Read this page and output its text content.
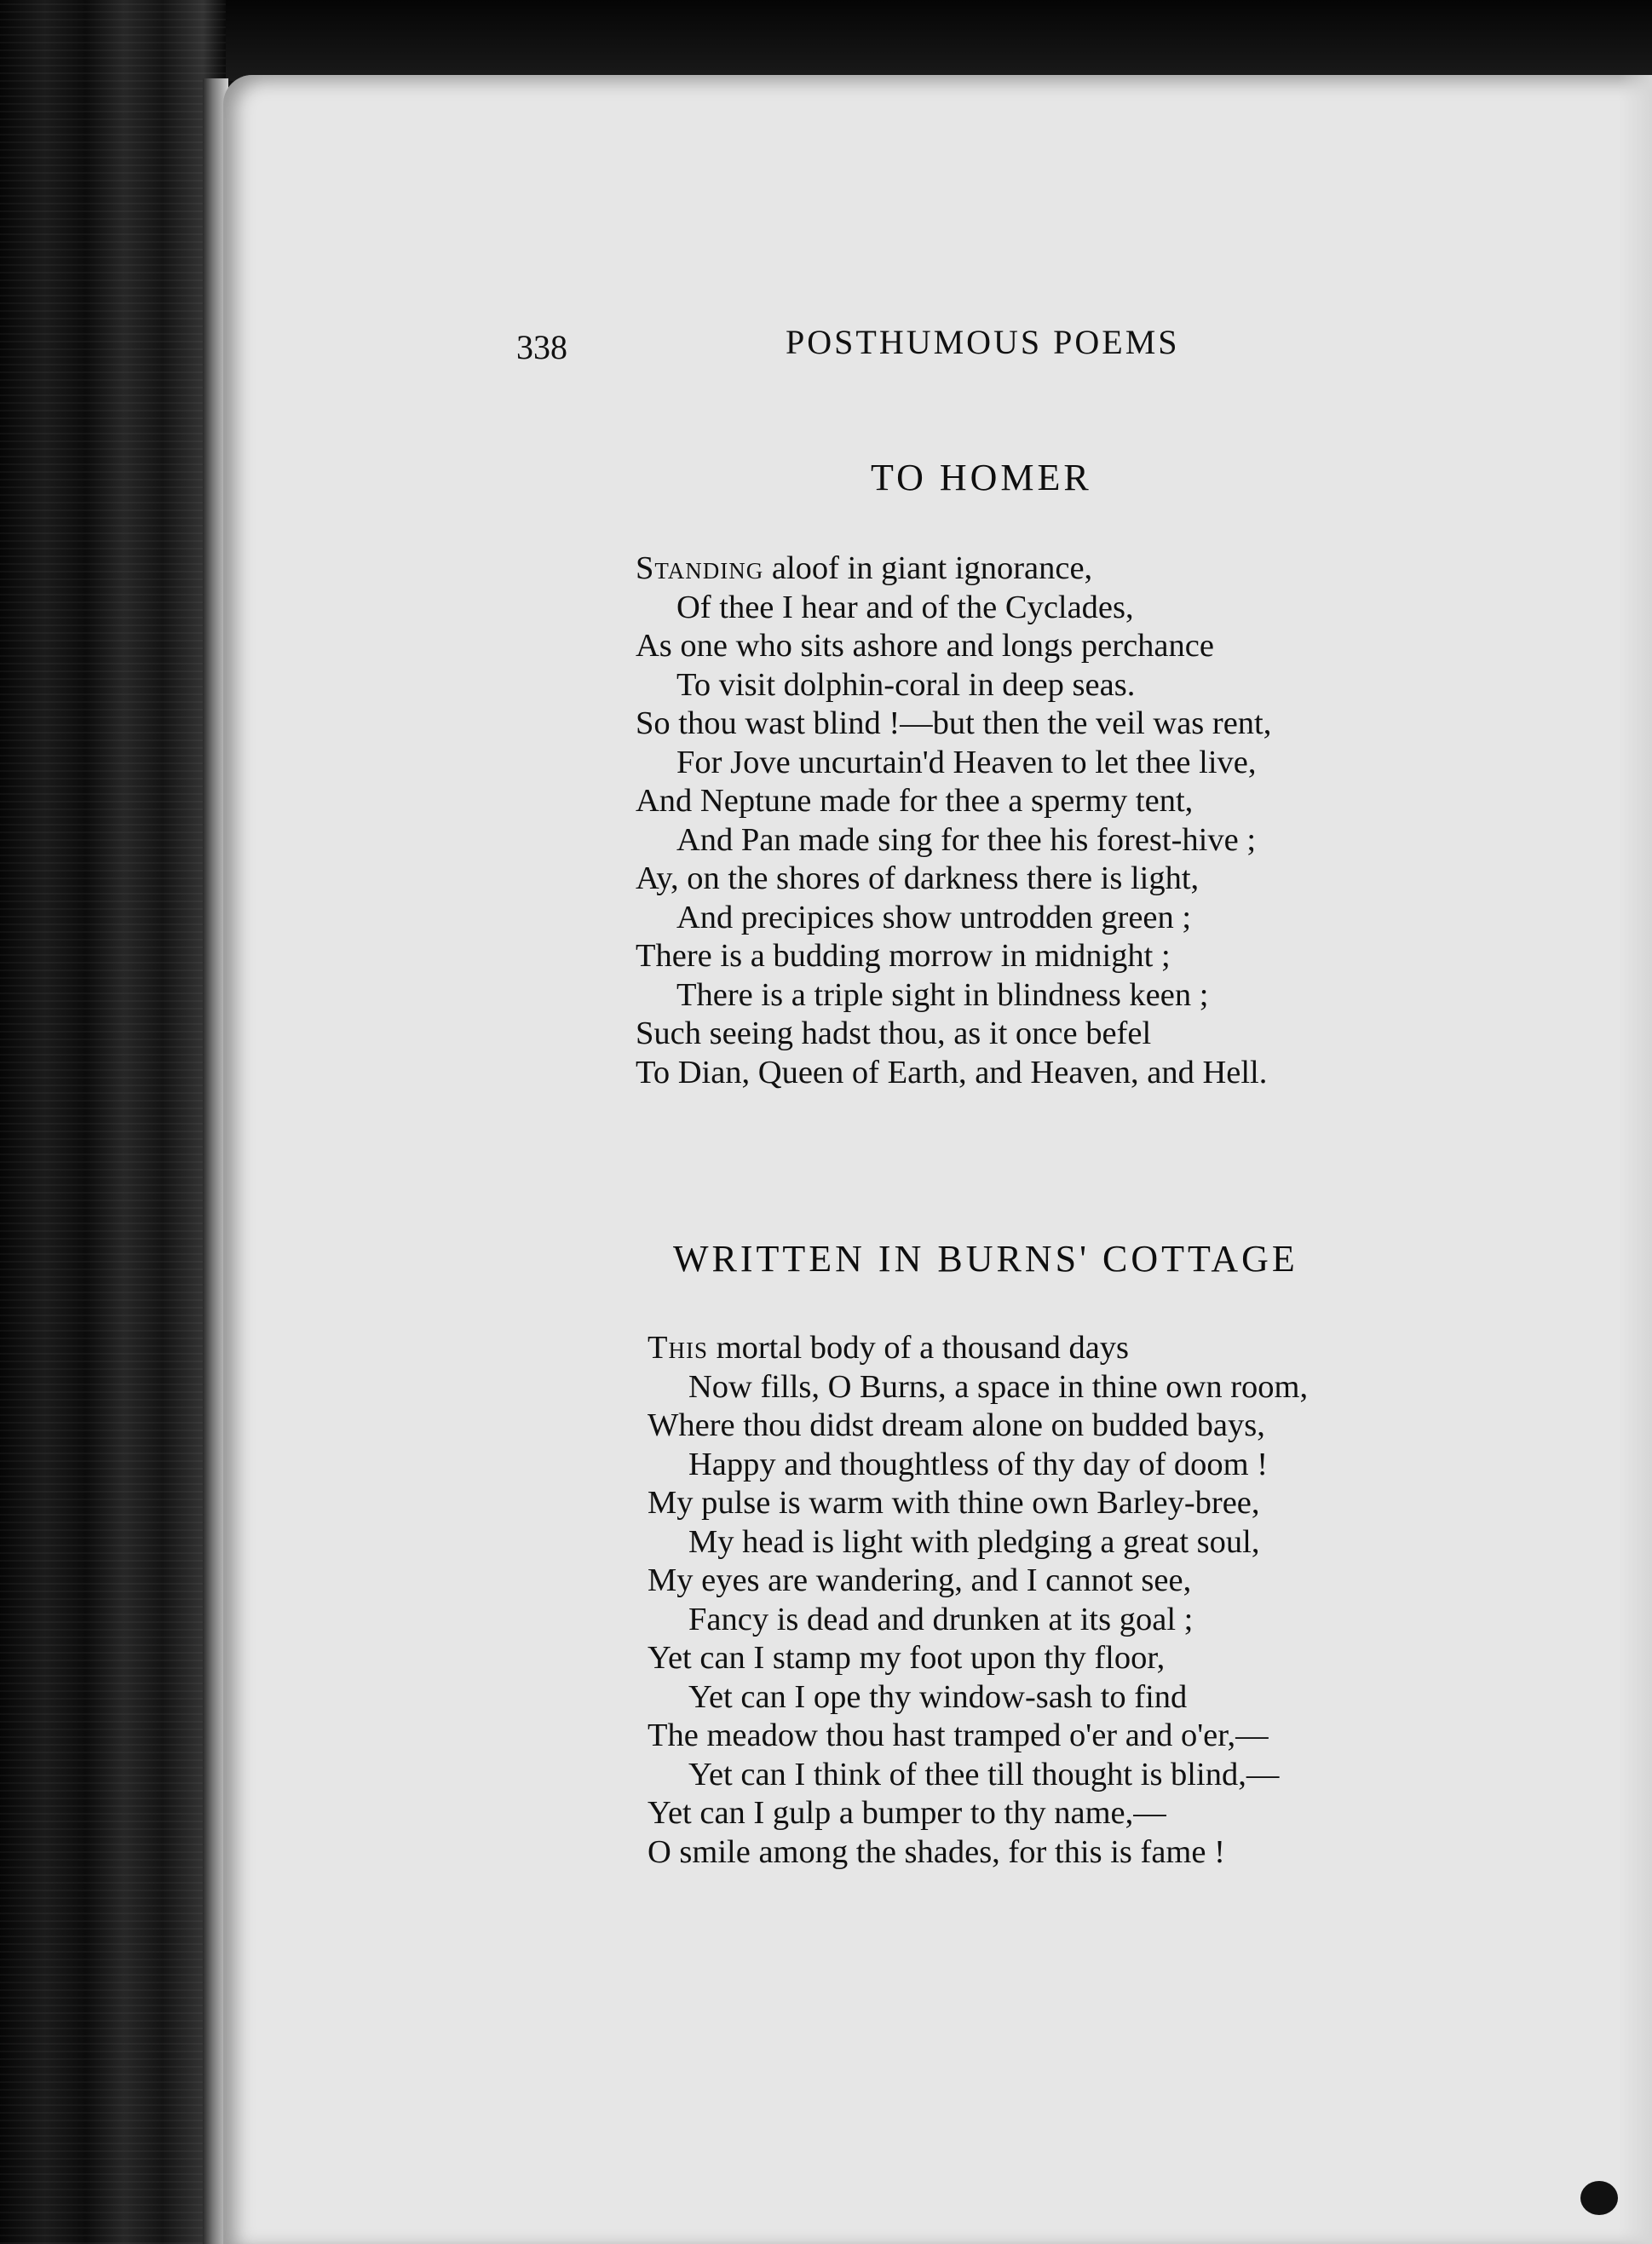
338	POSTHUMOUS POEMS
TO HOMER
Standing aloof in giant ignorance,
Of thee I hear and of the Cyclades,
As one who sits ashore and longs perchance
To visit dolphin-coral in deep seas.
So thou wast blind !—but then the veil was rent,
For Jove uncurtain'd Heaven to let thee live,
And Neptune made for thee a spermy tent,
And Pan made sing for thee his forest-hive ;
Ay, on the shores of darkness there is light,
And precipices show untrodden green ;
There is a budding morrow in midnight ;
There is a triple sight in blindness keen ;
Such seeing hadst thou, as it once befel
To Dian, Queen of Earth, and Heaven, and Hell.
WRITTEN IN BURNS' COTTAGE
This mortal body of a thousand days
Now fills, O Burns, a space in thine own room,
Where thou didst dream alone on budded bays,
Happy and thoughtless of thy day of doom !
My pulse is warm with thine own Barley-bree,
My head is light with pledging a great soul,
My eyes are wandering, and I cannot see,
Fancy is dead and drunken at its goal ;
Yet can I stamp my foot upon thy floor,
Yet can I ope thy window-sash to find
The meadow thou hast tramped o'er and o'er,—
Yet can I think of thee till thought is blind,—
Yet can I gulp a bumper to thy name,—
O smile among the shades, for this is fame !
